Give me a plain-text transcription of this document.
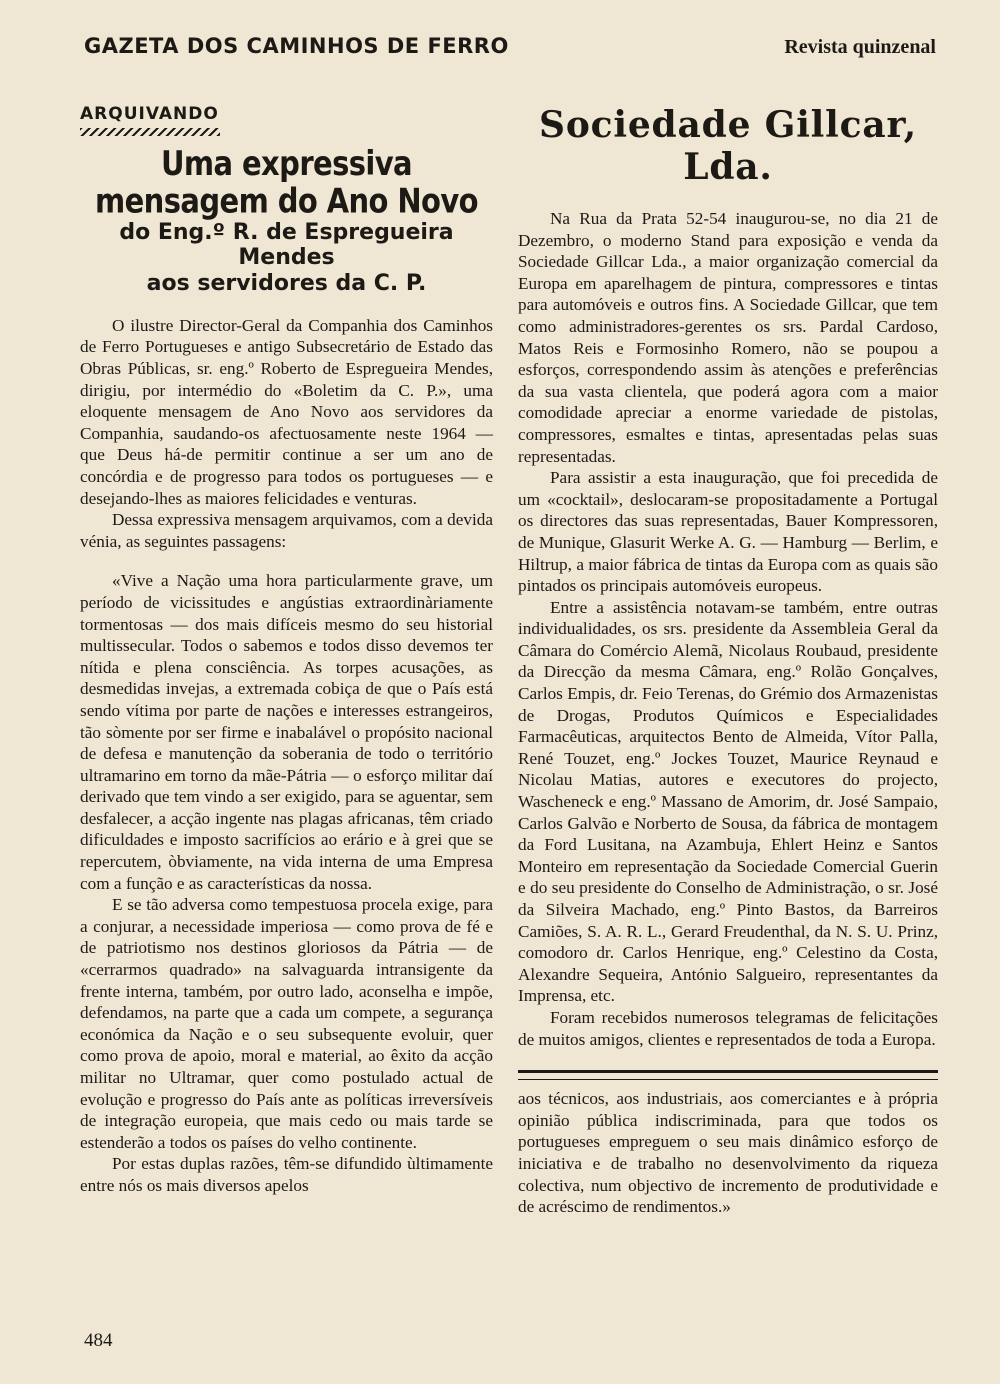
GAZETA DOS CAMINHOS DE FERRO	Revista quinzenal
ARQUIVANDO
Uma expressiva mensagem do Ano Novo
do Eng.º R. de Espregueira Mendes
aos servidores da C. P.

O ilustre Director-Geral da Companhia dos Caminhos de Ferro Portugueses e antigo Subsecretário de Estado das Obras Públicas, sr. eng.º Roberto de Espregueira Mendes, dirigiu, por intermédio do «Boletim da C. P.», uma eloquente mensagem de Ano Novo aos servidores da Companhia, saudando-os afectuosamente neste 1964 — que Deus há-de permitir continue a ser um ano de concórdia e de progresso para todos os portugueses — e desejando-lhes as maiores felicidades e venturas.

Dessa expressiva mensagem arquivamos, com a devida vénia, as seguintes passagens:

«Vive a Nação uma hora particularmente grave, um período de vicissitudes e angústias extraordinàriamente tormentosas — dos mais difíceis mesmo do seu historial multissecular. Todos o sabemos e todos disso devemos ter nítida e plena consciência. As torpes acusações, as desmedidas invejas, a extremada cobiça de que o País está sendo vítima por parte de nações e interesses estrangeiros, tão sòmente por ser firme e inabalável o propósito nacional de defesa e manutenção da soberania de todo o território ultramarino em torno da mãe-Pátria — o esforço militar daí derivado que tem vindo a ser exigido, para se aguentar, sem desfalecer, a acção ingente nas plagas africanas, têm criado dificuldades e imposto sacrifícios ao erário e à grei que se repercutem, òbviamente, na vida interna de uma Empresa com a função e as características da nossa.

E se tão adversa como tempestuosa procela exige, para a conjurar, a necessidade imperiosa — como prova de fé e de patriotismo nos destinos gloriosos da Pátria — de «cerrarmos quadrado» na salvaguarda intransigente da frente interna, também, por outro lado, aconselha e impõe, defendamos, na parte que a cada um compete, a segurança económica da Nação e o seu subsequente evoluir, quer como prova de apoio, moral e material, ao êxito da acção militar no Ultramar, quer como postulado actual de evolução e progresso do País ante as políticas irreversíveis de integração europeia, que mais cedo ou mais tarde se estenderão a todos os países do velho continente.

Por estas duplas razões, têm-se difundido ùltimamente entre nós os mais diversos apelos

Sociedade Gillcar, Lda.

Na Rua da Prata 52-54 inaugurou-se, no dia 21 de Dezembro, o moderno Stand para exposição e venda da Sociedade Gillcar Lda., a maior organização comercial da Europa em aparelhagem de pintura, compressores e tintas para automóveis e outros fins. A Sociedade Gillcar, que tem como administradores-gerentes os srs. Pardal Cardoso, Matos Reis e Formosinho Romero, não se poupou a esforços, correspondendo assim às atenções e preferências da sua vasta clientela, que poderá agora com a maior comodidade apreciar a enorme variedade de pistolas, compressores, esmaltes e tintas, apresentadas pelas suas representadas.

Para assistir a esta inauguração, que foi precedida de um «cocktail», deslocaram-se propositadamente a Portugal os directores das suas representadas, Bauer Kompressoren, de Munique, Glasurit Werke A. G. — Hamburg — Berlim, e Hiltrup, a maior fábrica de tintas da Europa com as quais são pintados os principais automóveis europeus.

Entre a assistência notavam-se também, entre outras individualidades, os srs. presidente da Assembleia Geral da Câmara do Comércio Alemã, Nicolaus Roubaud, presidente da Direcção da mesma Câmara, eng.º Rolão Gonçalves, Carlos Empis, dr. Feio Terenas, do Grémio dos Armazenistas de Drogas, Produtos Químicos e Especialidades Farmacêuticas, arquitectos Bento de Almeida, Vítor Palla, René Touzet, eng.º Jockes Touzet, Maurice Reynaud e Nicolau Matias, autores e executores do projecto, Wascheneck e eng.º Massano de Amorim, dr. José Sampaio, Carlos Galvão e Norberto de Sousa, da fábrica de montagem da Ford Lusitana, na Azambuja, Ehlert Heinz e Santos Monteiro em representação da Sociedade Comercial Guerin e do seu presidente do Conselho de Administração, o sr. José da Silveira Machado, eng.º Pinto Bastos, da Barreiros Camiões, S. A. R. L., Gerard Freudenthal, da N. S. U. Prinz, comodoro dr. Carlos Henrique, eng.º Celestino da Costa, Alexandre Sequeira, António Salgueiro, representantes da Imprensa, etc.

Foram recebidos numerosos telegramas de felicitações de muitos amigos, clientes e representados de toda a Europa.

aos técnicos, aos industriais, aos comerciantes e à própria opinião pública indiscriminada, para que todos os portugueses empreguem o seu mais dinâmico esforço de iniciativa e de trabalho no desenvolvimento da riqueza colectiva, num objectivo de incremento de produtividade e de acréscimo de rendimentos.»

484
